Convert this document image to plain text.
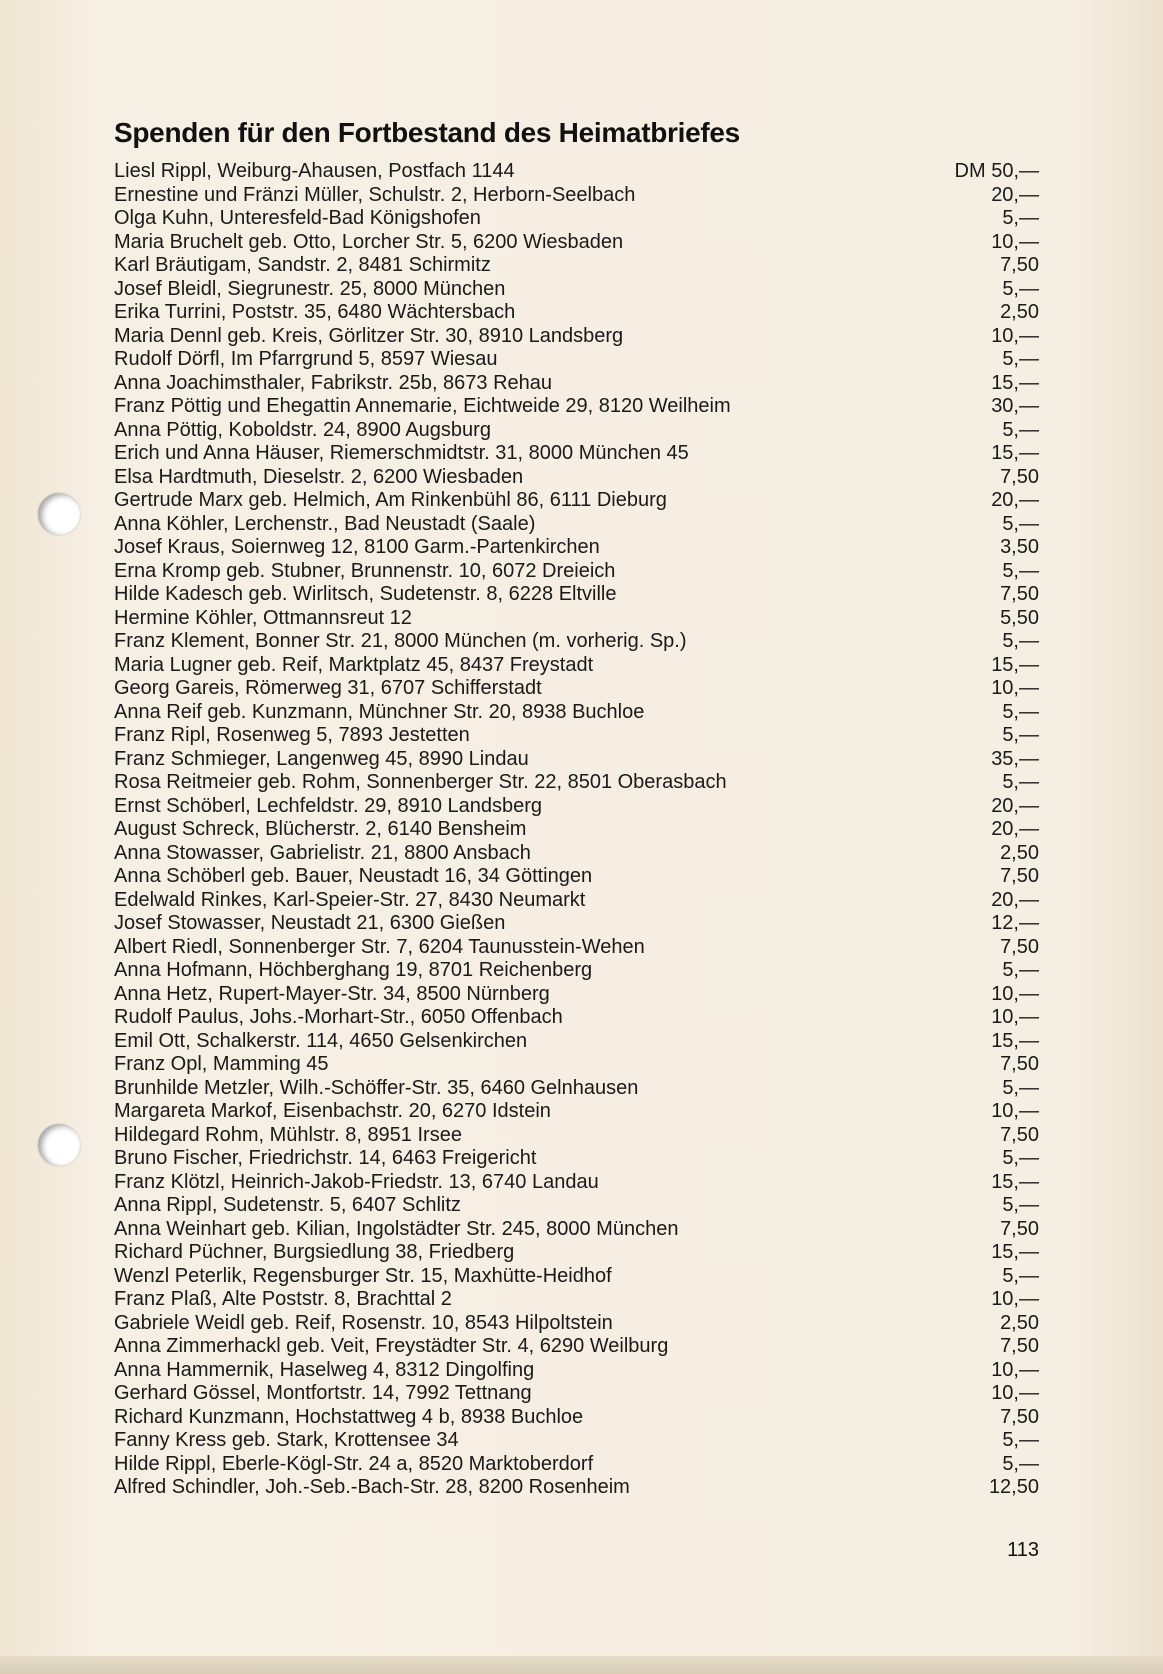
Spenden für den Fortbestand des Heimatbriefes
Liesl Rippl, Weiburg-Ahausen, Postfach 1144	DM 50,—
Ernestine und Fränzi Müller, Schulstr. 2, Herborn-Seelbach	20,—
Olga Kuhn, Unteresfeld-Bad Königshofen	5,—
Maria Bruchelt geb. Otto, Lorcher Str. 5, 6200 Wiesbaden	10,—
Karl Bräutigam, Sandstr. 2, 8481 Schirmitz	7,50
Josef Bleidl, Siegrunestr. 25, 8000 München	5,—
Erika Turrini, Poststr. 35, 6480 Wächtersbach	2,50
Maria Dennl geb. Kreis, Görlitzer Str. 30, 8910 Landsberg	10,—
Rudolf Dörfl, Im Pfarrgrund 5, 8597 Wiesau	5,—
Anna Joachimsthaler, Fabrikstr. 25b, 8673 Rehau	15,—
Franz Pöttig und Ehegattin Annemarie, Eichtweide 29, 8120 Weilheim	30,—
Anna Pöttig, Koboldstr. 24, 8900 Augsburg	5,—
Erich und Anna Häuser, Riemerschmidtstr. 31, 8000 München 45	15,—
Elsa Hardtmuth, Dieselstr. 2, 6200 Wiesbaden	7,50
Gertrude Marx geb. Helmich, Am Rinkenbühl 86, 6111 Dieburg	20,—
Anna Köhler, Lerchenstr., Bad Neustadt (Saale)	5,—
Josef Kraus, Soiernweg 12, 8100 Garm.-Partenkirchen	3,50
Erna Kromp geb. Stubner, Brunnenstr. 10, 6072 Dreieich	5,—
Hilde Kadesch geb. Wirlitsch, Sudetenstr. 8, 6228 Eltville	7,50
Hermine Köhler, Ottmannsreut 12	5,50
Franz Klement, Bonner Str. 21, 8000 München (m. vorherig. Sp.)	5,—
Maria Lugner geb. Reif, Marktplatz 45, 8437 Freystadt	15,—
Georg Gareis, Römerweg 31, 6707 Schifferstadt	10,—
Anna Reif geb. Kunzmann, Münchner Str. 20, 8938 Buchloe	5,—
Franz Ripl, Rosenweg 5, 7893 Jestetten	5,—
Franz Schmieger, Langenweg 45, 8990 Lindau	35,—
Rosa Reitmeier geb. Rohm, Sonnenberger Str. 22, 8501 Oberasbach	5,—
Ernst Schöberl, Lechfeldstr. 29, 8910 Landsberg	20,—
August Schreck, Blücherstr. 2, 6140 Bensheim	20,—
Anna Stowasser, Gabrielistr. 21, 8800 Ansbach	2,50
Anna Schöberl geb. Bauer, Neustadt 16, 34 Göttingen	7,50
Edelwald Rinkes, Karl-Speier-Str. 27, 8430 Neumarkt	20,—
Josef Stowasser, Neustadt 21, 6300 Gießen	12,—
Albert Riedl, Sonnenberger Str. 7, 6204 Taunusstein-Wehen	7,50
Anna Hofmann, Höchberghang 19, 8701 Reichenberg	5,—
Anna Hetz, Rupert-Mayer-Str. 34, 8500 Nürnberg	10,—
Rudolf Paulus, Johs.-Morhart-Str., 6050 Offenbach	10,—
Emil Ott, Schalkerstr. 114, 4650 Gelsenkirchen	15,—
Franz Opl, Mamming 45	7,50
Brunhilde Metzler, Wilh.-Schöffer-Str. 35, 6460 Gelnhausen	5,—
Margareta Markof, Eisenbachstr. 20, 6270 Idstein	10,—
Hildegard Rohm, Mühlstr. 8, 8951 Irsee	7,50
Bruno Fischer, Friedrichstr. 14, 6463 Freigericht	5,—
Franz Klötzl, Heinrich-Jakob-Friedstr. 13, 6740 Landau	15,—
Anna Rippl, Sudetenstr. 5, 6407 Schlitz	5,—
Anna Weinhart geb. Kilian, Ingolstädter Str. 245, 8000 München	7,50
Richard Püchner, Burgsiedlung 38, Friedberg	15,—
Wenzl Peterlik, Regensburger Str. 15, Maxhütte-Heidhof	5,—
Franz Plaß, Alte Poststr. 8, Brachttal 2	10,—
Gabriele Weidl geb. Reif, Rosenstr. 10, 8543 Hilpoltstein	2,50
Anna Zimmerhackl geb. Veit, Freystädter Str. 4, 6290 Weilburg	7,50
Anna Hammernik, Haselweg 4, 8312 Dingolfing	10,—
Gerhard Gössel, Montfortstr. 14, 7992 Tettnang	10,—
Richard Kunzmann, Hochstattweg 4 b, 8938 Buchloe	7,50
Fanny Kress geb. Stark, Krottensee 34	5,—
Hilde Rippl, Eberle-Kögl-Str. 24 a, 8520 Marktoberdorf	5,—
Alfred Schindler, Joh.-Seb.-Bach-Str. 28, 8200 Rosenheim	12,50
113
